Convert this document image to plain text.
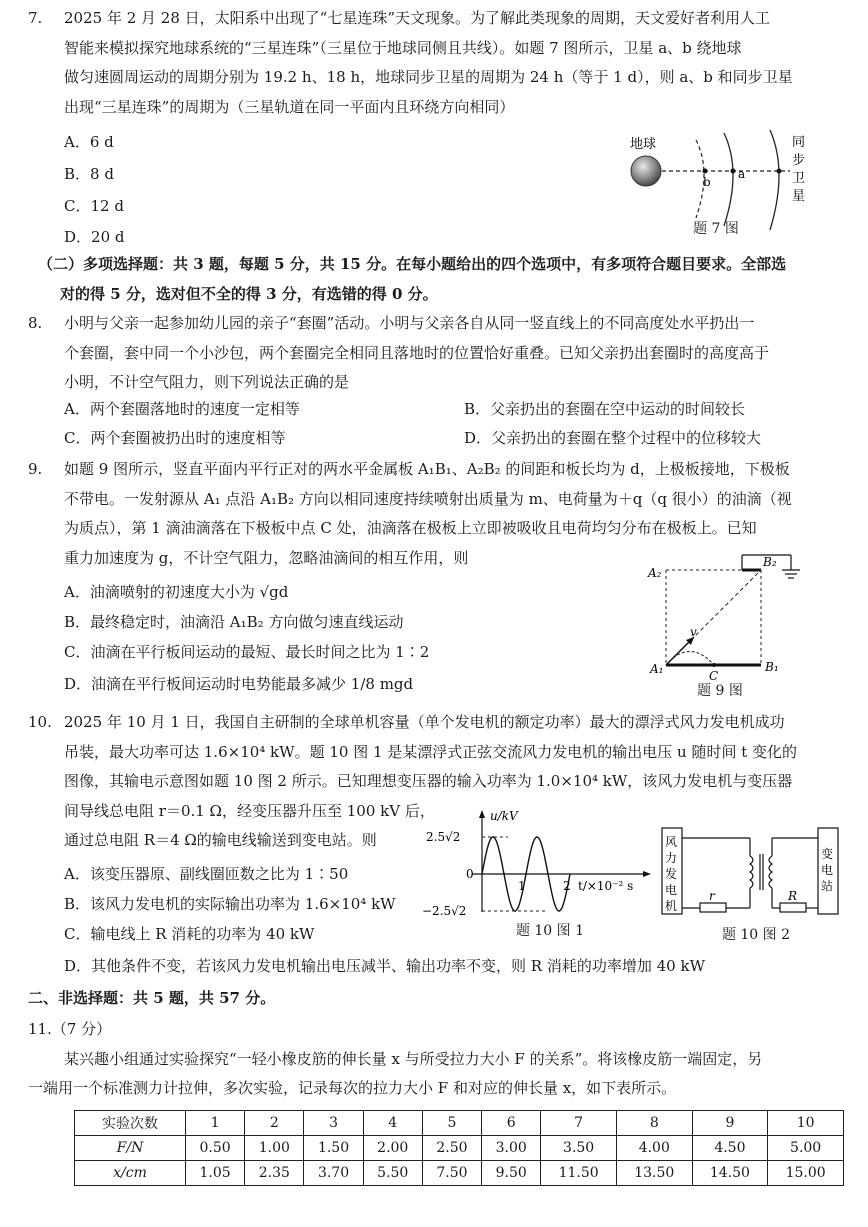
7. 2025 年 2 月 28 日，太阳系中出现了“七星连珠”天文现象。为了解此类现象的周期，天文爱好者利用人工

智能来模拟探究地球系统的“三星连珠”（三星位于地球同侧且共线）。如题 7 图所示，卫星 a、b 绕地球

做匀速圆周运动的周期分别为 19.2 h、18 h，地球同步卫星的周期为 24 h（等于 1 d），则 a、b 和同步卫星

出现“三星连珠”的周期为（三星轨道在同一平面内且环绕方向相同）

A．6 d
B．8 d
C．12 d
D．20 d
地球
b
a
同
步
卫
星
题 7 图

（二）多项选择题：共 3 题，每题 5 分，共 15 分。在每小题给出的四个选项中，有多项符合题目要求。全部选

对的得 5 分，选对但不全的得 3 分，有选错的得 0 分。

8. 小明与父亲一起参加幼儿园的亲子“套圈”活动。小明与父亲各自从同一竖直线上的不同高度处水平扔出一

个套圈，套中同一个小沙包，两个套圈完全相同且落地时的位置恰好重叠。已知父亲扔出套圈时的高度高于

小明，不计空气阻力，则下列说法正确的是

A．两个套圈落地时的速度一定相等	B．父亲扔出的套圈在空中运动的时间较长
C．两个套圈被扔出时的速度相等	D．父亲扔出的套圈在整个过程中的位移较大

9. 如题 9 图所示，竖直平面内平行正对的两水平金属板 A₁B₁、A₂B₂ 的间距和板长均为 d，上极板接地，下极板

不带电。一发射源从 A₁ 点沿 A₁B₂ 方向以相同速度持续喷射出质量为 m、电荷量为＋q（q 很小）的油滴（视

为质点），第 1 滴油滴落在下极板中点 C 处，油滴落在极板上立即被吸收且电荷均匀分布在极板上。已知

重力加速度为 g，不计空气阻力，忽略油滴间的相互作用，则

A．油滴喷射的初速度大小为 √gd
B．最终稳定时，油滴沿 A₁B₂ 方向做匀速直线运动
C．油滴在平行板间运动的最短、最长时间之比为 1∶2
D．油滴在平行板间运动时电势能最多减少 1/8 mgd
A₂
B₂
A₁	B₁
C
v
题 9 图

10. 2025 年 10 月 1 日，我国自主研制的全球单机容量（单个发电机的额定功率）最大的漂浮式风力发电机成功

吊装，最大功率可达 1.6×10⁴ kW。题 10 图 1 是某漂浮式正弦交流风力发电机的输出电压 u 随时间 t 变化的

图像，其输电示意图如题 10 图 2 所示。已知理想变压器的输入功率为 1.0×10⁴ kW，该风力发电机与变压器

间导线总电阻 r＝0.1 Ω，经变压器升压至 100 kV 后，

通过总电阻 R＝4 Ω的输电线输送到变电站。则

A．该变压器原、副线圈匝数之比为 1∶50
B．该风力发电机的实际输出功率为 1.6×10⁴ kW
C．输电线上 R 消耗的功率为 40 kW
D．其他条件不变，若该风力发电机输出电压减半、输出功率不变，则 R 消耗的功率增加 40 kW
2.5√2
0
−2.5√2
u/kV
1	2 t/×10⁻² s
题 10 图 1
风
力
发
电
机
变
电
站
r	R
题 10 图 2
二、非选择题：共 5 题，共 57 分。

11.（7 分）

某兴趣小组通过实验探究“一轻小橡皮筋的伸长量 x 与所受拉力大小 F 的关系”。将该橡皮筋一端固定，另

一端用一个标准测力计拉伸，多次实验，记录每次的拉力大小 F 和对应的伸长量 x，如下表所示。

实验次数	1	2	3	4	5	6	7	8	9	10
F/N	0.50	1.00	1.50	2.00	2.50	3.00	3.50	4.00	4.50	5.00
x/cm	1.05	2.35	3.70	5.50	7.50	9.50	11.50	13.50	14.50	15.00
